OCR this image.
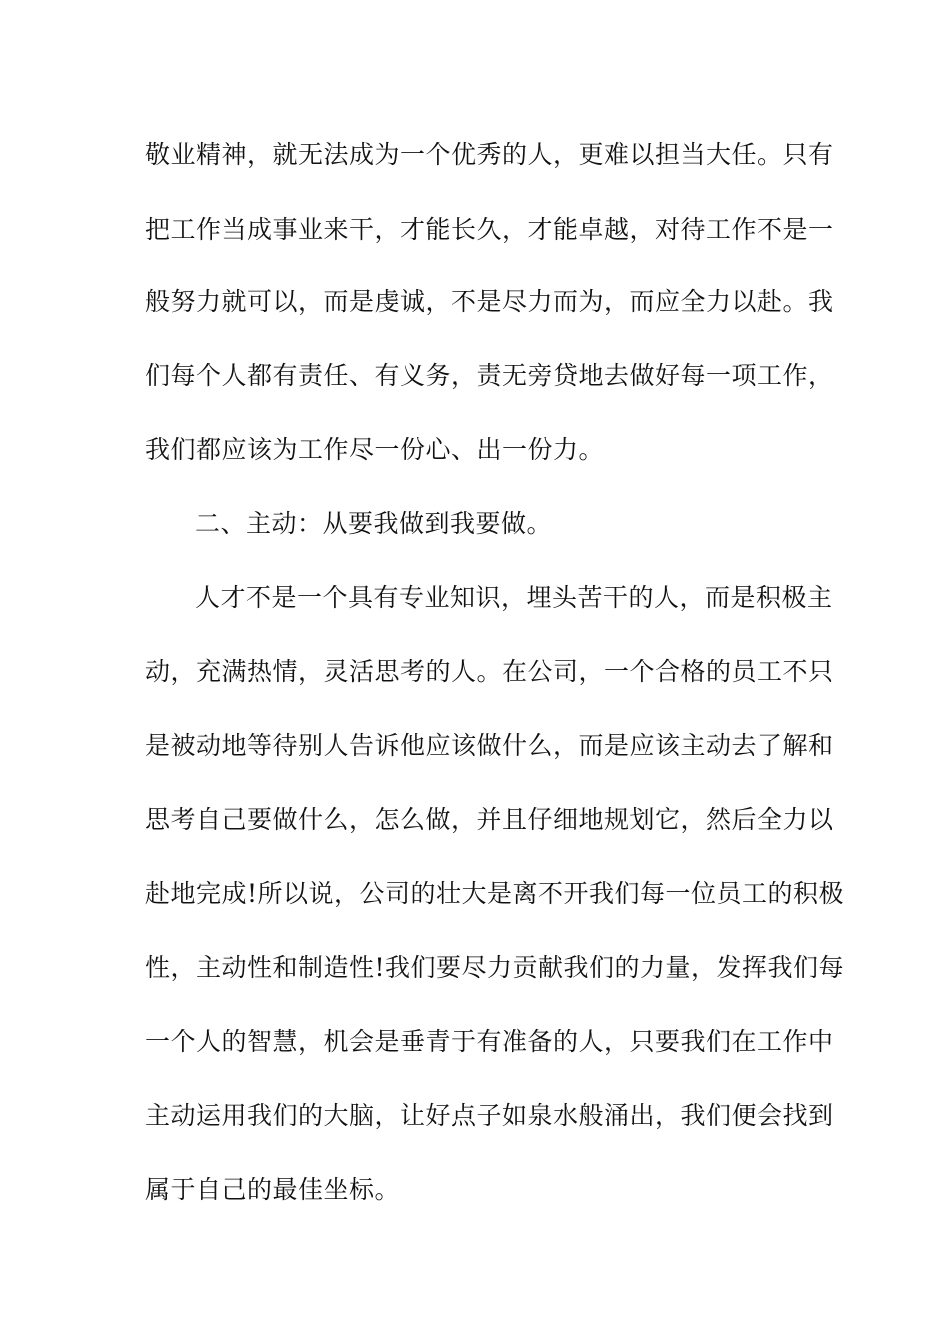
敬业精神，就无法成为一个优秀的人，更难以担当大任。只有
把工作当成事业来干，才能长久，才能卓越，对待工作不是一
般努力就可以，而是虔诚，不是尽力而为，而应全力以赴。我
们每个人都有责任、有义务，责无旁贷地去做好每一项工作，
我们都应该为工作尽一份心、出一份力。
二、主动：从要我做到我要做。
人才不是一个具有专业知识，埋头苦干的人，而是积极主
动，充满热情，灵活思考的人。在公司，一个合格的员工不只
是被动地等待别人告诉他应该做什么，而是应该主动去了解和
思考自己要做什么，怎么做，并且仔细地规划它，然后全力以
赴地完成!所以说，公司的壮大是离不开我们每一位员工的积极
性，主动性和制造性!我们要尽力贡献我们的力量，发挥我们每
一个人的智慧，机会是垂青于有准备的人，只要我们在工作中
主动运用我们的大脑，让好点子如泉水般涌出，我们便会找到
属于自己的最佳坐标。
